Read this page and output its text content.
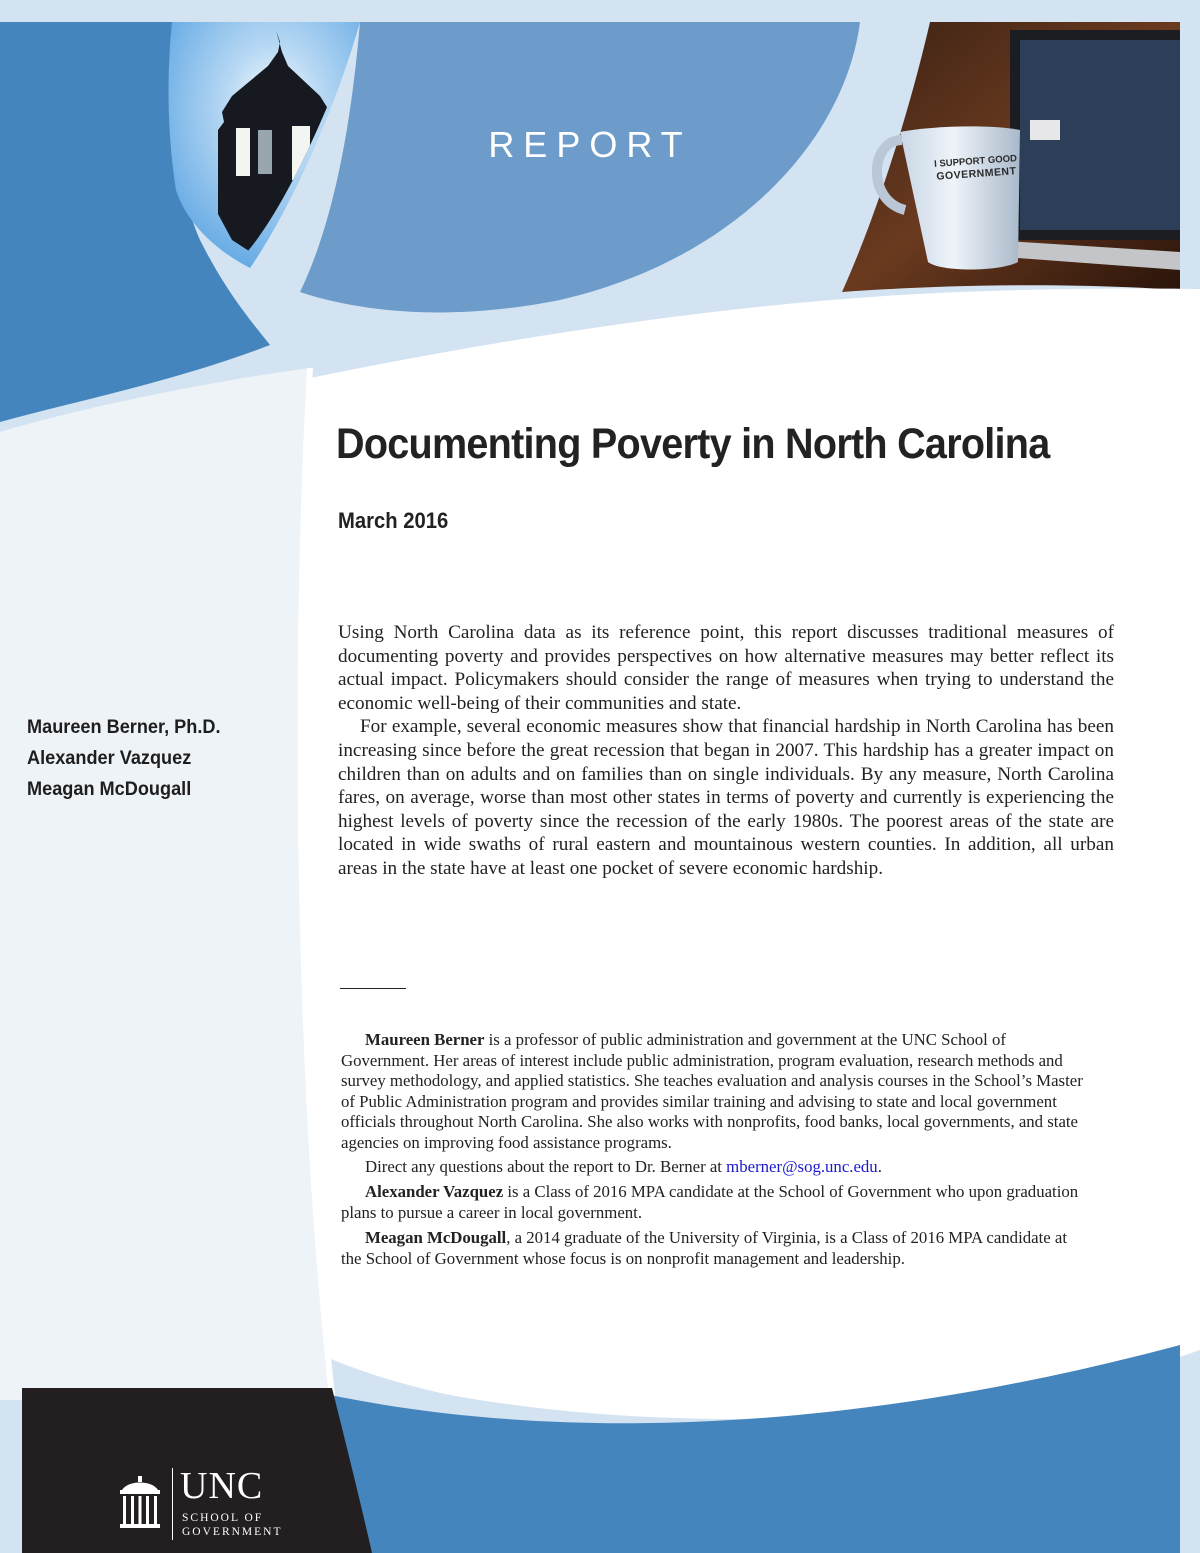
REPORT	I SUPPORT GOOD
GOVERNMENT
Documenting Poverty in North Carolina
March 2016
Maureen Berner, Ph.D.
Alexander Vazquez
Meagan McDougall

Using North Carolina data as its reference point, this report discusses traditional measures of documenting poverty and provides perspectives on how alternative measures may better reflect its actual impact. Policymakers should consider the range of measures when trying to understand the economic well-being of their communities and state.

For example, several economic measures show that financial hardship in North Carolina has been increasing since before the great recession that began in 2007. This hardship has a greater impact on children than on adults and on families than on single individuals. By any measure, North Carolina fares, on average, worse than most other states in terms of poverty and currently is experiencing the highest levels of poverty since the recession of the early 1980s. The poorest areas of the state are located in wide swaths of rural eastern and mountainous western counties. In addition, all urban areas in the state have at least one pocket of severe economic hardship.

Maureen Berner is a professor of public administration and government at the UNC School of Government. Her areas of interest include public administration, program evaluation, research methods and survey methodology, and applied statistics. She teaches evaluation and analysis courses in the School’s Master of Public Administration program and provides similar training and advising to state and local government officials throughout North Carolina. She also works with nonprofits, food banks, local governments, and state agencies on improving food assistance programs.

Direct any questions about the report to Dr. Berner at mberner@sog.unc.edu.

Alexander Vazquez is a Class of 2016 MPA candidate at the School of Government who upon graduation plans to pursue a career in local government.

Meagan McDougall, a 2014 graduate of the University of Virginia, is a Class of 2016 MPA candidate at the School of Government whose focus is on nonprofit management and leadership.

UNC
SCHOOL OF
GOVERNMENT
